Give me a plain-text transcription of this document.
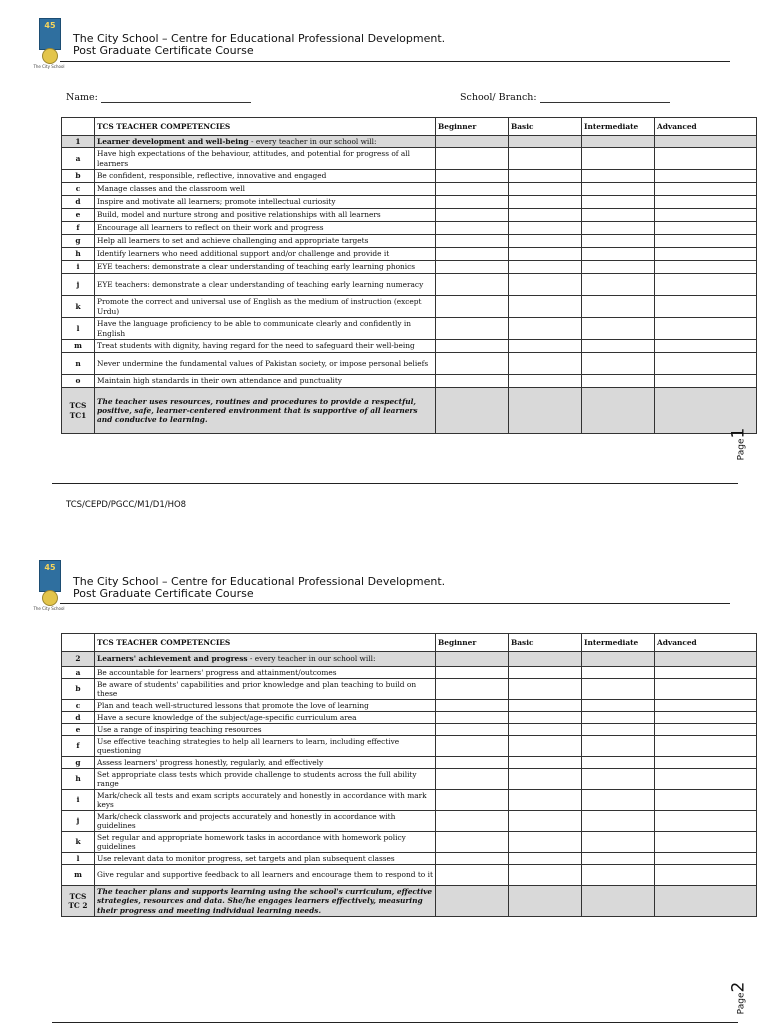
45
The City School
The City School – Centre for Educational Professional Development.
Post Graduate Certificate Course
Name:	School/ Branch:
	TCS TEACHER COMPETENCIES	Beginner	Basic	Intermediate	Advanced
1	Learner development and well-being - every teacher in our school will:				
a	Have high expectations of the behaviour, attitudes, and potential for progress of all learners				
b	Be confident, responsible, reflective, innovative and engaged				
c	Manage classes and the classroom well				
d	Inspire and motivate all learners; promote intellectual curiosity				
e	Build, model and nurture strong and positive relationships with all learners				
f	Encourage all learners to reflect on their work and progress				
g	Help all learners to set and achieve challenging and appropriate targets				
h	Identify learners who need additional support and/or challenge and provide it				
i	EYE teachers: demonstrate a clear understanding of teaching early learning phonics				
j	EYE teachers: demonstrate a clear understanding of teaching early learning numeracy				
k	Promote the correct and universal use of English as the medium of instruction (except Urdu)				
l	Have the language proficiency to be able to communicate clearly and confidently in English				
m	Treat students with dignity, having regard for the need to safeguard their well-being				
n	Never undermine the fundamental values of Pakistan society, or impose personal beliefs				
o	Maintain high standards in their own attendance and punctuality				
TCS TC1	The teacher uses resources, routines and procedures to provide a respectful, positive, safe, learner-centered environment that is supportive of all learners and conducive to learning.				
Page1
TCS/CEPD/PGCC/M1/D1/HO8
45
The City School
The City School – Centre for Educational Professional Development.
Post Graduate Certificate Course
	TCS TEACHER COMPETENCIES	Beginner	Basic	Intermediate	Advanced
2	Learners' achievement and progress - every teacher in our school will:				
a	Be accountable for learners' progress and attainment/outcomes				
b	Be aware of students' capabilities and prior knowledge and plan teaching to build on these				
c	Plan and teach well-structured lessons that promote the love of learning				
d	Have a secure knowledge of the subject/age-specific curriculum area				
e	Use a range of inspiring teaching resources				
f	Use effective teaching strategies to help all learners to learn, including effective questioning				
g	Assess learners' progress honestly, regularly, and effectively				
h	Set appropriate class tests which provide challenge to students across the full ability range				
i	Mark/check all tests and exam scripts accurately and honestly in accordance with mark keys				
j	Mark/check classwork and projects accurately and honestly in accordance with guidelines				
k	Set regular and appropriate homework tasks in accordance with homework policy guidelines				
l	Use relevant data to monitor progress, set targets and plan subsequent classes				
m	Give regular and supportive feedback to all learners and encourage them to respond to it				
TCS TC 2	The teacher plans and supports learning using the school's curriculum, effective strategies, resources and data. She/he engages learners effectively, measuring their progress and meeting individual learning needs.				
Page2
